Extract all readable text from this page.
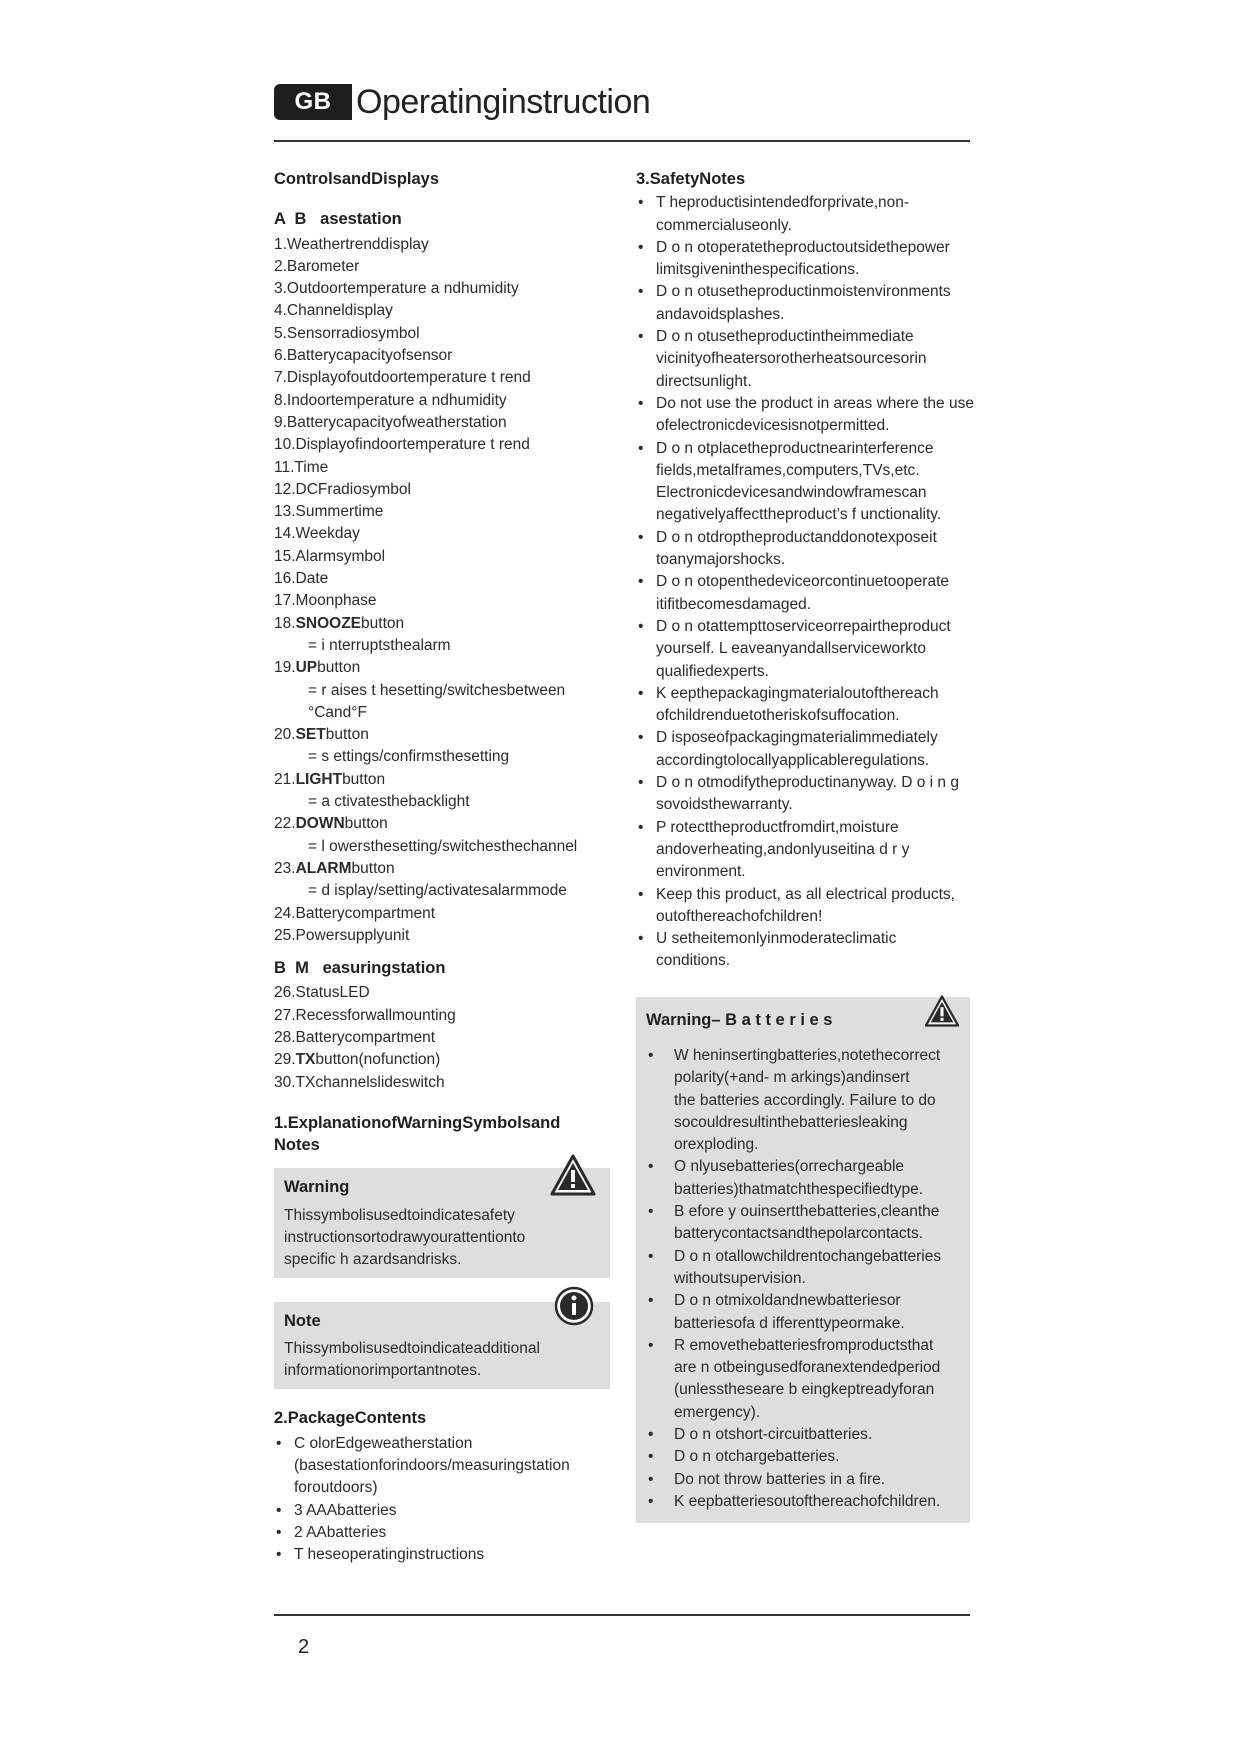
GB Operatinginstruction
ControlsandDisplays
A  B   asestation
1.Weathertrenddisplay
2.Barometer
3.Outdoortemperature a ndhumidity
4.Channeldisplay
5.Sensorradiosymbol
6.Batterycapacityofsensor
7.Displayofoutdoortemperature t rend
8.Indoortemperature a ndhumidity
9.Batterycapacityofweatherstation
10.Displayofindoortemperature t rend
11.Time
12.DCFradiosymbol
13.Summertime
14.Weekday
15.Alarmsymbol
16.Date
17.Moonphase
18.SNOOZEbutton
= i nterruptsthealarm
19.UPbutton
= r aises t hesetting/switchesbetween
°Cand°F
20.SETbutton
= s ettings/confirmsthesetting
21.LIGHTbutton
= a ctivatesthebacklight
22.DOWNbutton
= l owersthesetting/switchesthechannel
23.ALARMbutton
= d isplay/setting/activatesalarmmode
24.Batterycompartment
25.Powersupplyunit
B  M   easuringstation
26.StatusLED
27.Recessforwallmounting
28.Batterycompartment
29.TXbutton(nofunction)
30.TXchannelslideswitch
1.ExplanationofWarningSymbolsand
Notes
Warning
Thissymbolisusedtoindicatesafety
instructionsortodrawyourattentionto
specific h azardsandrisks.
Note
Thissymbolisusedtoindicateadditional
informationorimportantnotes.
2.PackageContents
• C olorEdgeweatherstation
(basestationforindoors/measuringstation
foroutdoors)
• 3 AAAbatteries
• 2 AAbatteries
• T heseoperatinginstructions
3.SafetyNotes
• T heproductisintendedforprivate,non-
commercialuseonly.
• D o n otoperatetheproductoutsidethepower
limitsgiveninthespecifications.
• D o n otusetheproductinmoistenvironments
andavoidsplashes.
• D o n otusetheproductintheimmediate
vicinityofheatersorotherheatsourcesorin
directsunlight.
• Do not use the product in areas where the use
ofelectronicdevicesisnotpermitted.
• D o n otplacetheproductnearinterference
fields,metalframes,computers,TVs,etc.
Electronicdevicesandwindowframescan
negativelyaffecttheproduct’s f unctionality.
• D o n otdroptheproductanddonotexposeit
toanymajorshocks.
• D o n otopenthedeviceorcontinuetooperate
itifitbecomesdamaged.
• D o n otattempttoserviceorrepairtheproduct
yourself. L eaveanyandallserviceworkto
qualifiedexperts.
• K eepthepackagingmaterialoutofthereach
ofchildrenduetotheriskofsuffocation.
• D isposeofpackagingmaterialimmediately
accordingtolocallyapplicableregulations.
• D o n otmodifytheproductinanyway. D o i n g
sovoidsthewarranty.
• P rotecttheproductfromdirt,moisture
andoverheating,andonlyuseitina d r y
environment.
• Keep this product, as all electrical products,
outofthereachofchildren!
• U setheitemonlyinmoderateclimatic
conditions.
Warning– B a t t e r i e s
• W heninsertingbatteries,notethecorrect
polarity(+and- m arkings)andinsert
the batteries accordingly. Failure to do
socouldresultinthebatteriesleaking
orexploding.
• O nlyusebatteries(orrechargeable
batteries)thatmatchthespecifiedtype.
• B efore y ouinsertthebatteries,cleanthe
batterycontactsandthepolarcontacts.
• D o n otallowchildrentochangebatteries
withoutsupervision.
• D o n otmixoldandnewbatteriesor
batteriesofa d ifferenttypeormake.
• R emovethebatteriesfromproductsthat
are n otbeingusedforanextendedperiod
(unlesstheseare b eingkeptreadyforan
emergency).
• D o n otshort-circuitbatteries.
• D o n otchargebatteries.
• Do not throw batteries in a fire.
• K eepbatteriesoutofthereachofchildren.
2
